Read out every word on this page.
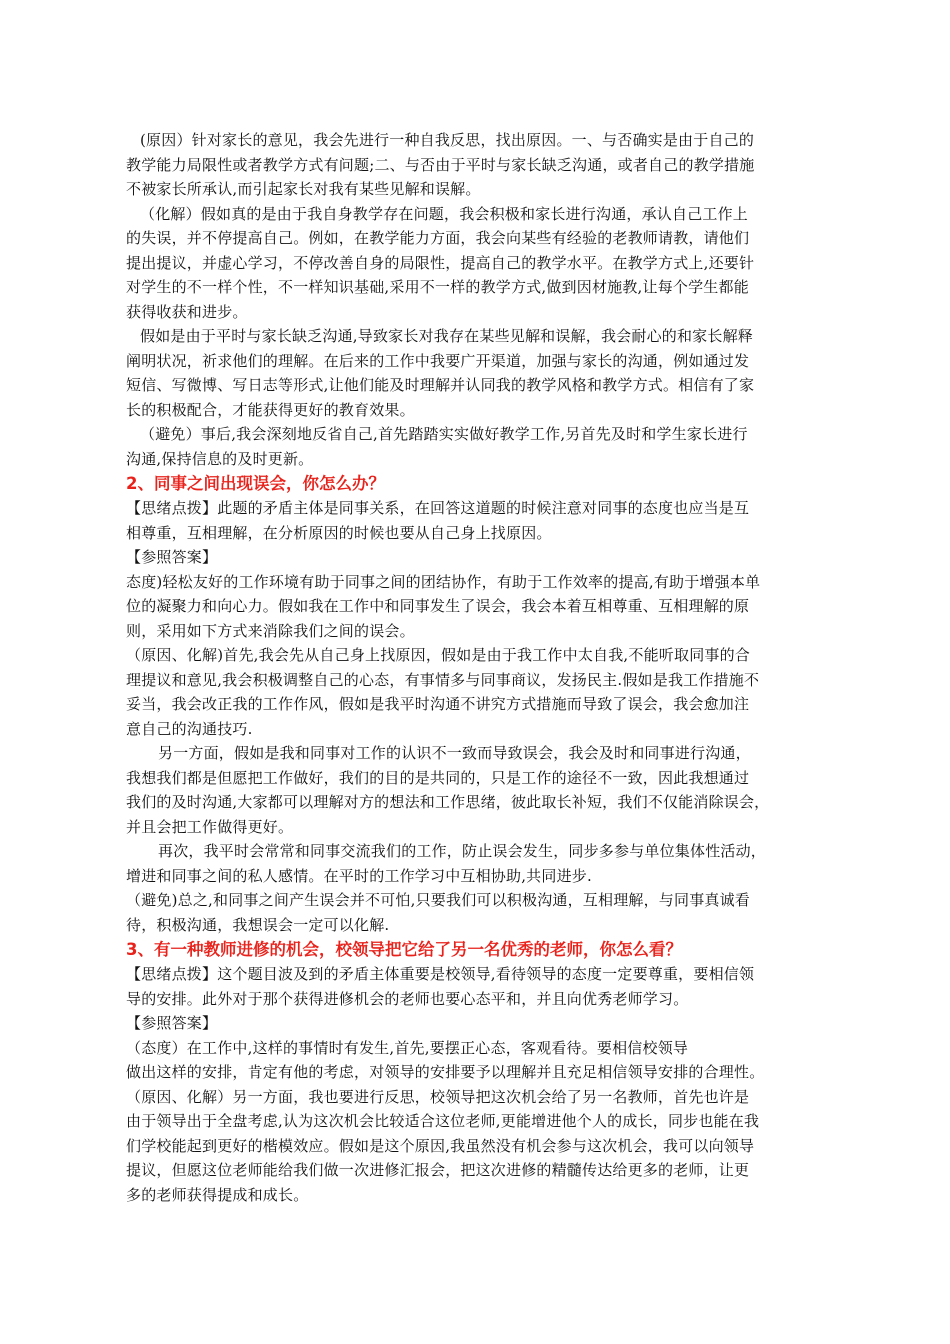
(原因）针对家长的意见，我会先进行一种自我反思，找出原因。一、与否确实是由于自己的
教学能力局限性或者教学方式有问题;二、与否由于平时与家长缺乏沟通，或者自己的教学措施
不被家长所承认,而引起家长对我有某些见解和误解。
（化解）假如真的是由于我自身教学存在问题，我会积极和家长进行沟通，承认自己工作上
的失误，并不停提高自己。例如，在教学能力方面，我会向某些有经验的老教师请教，请他们
提出提议，并虚心学习，不停改善自身的局限性，提高自己的教学水平。在教学方式上,还要针
对学生的不一样个性，不一样知识基础,采用不一样的教学方式,做到因材施教,让每个学生都能
获得收获和进步。
假如是由于平时与家长缺乏沟通,导致家长对我存在某些见解和误解，我会耐心的和家长解释
阐明状况，祈求他们的理解。在后来的工作中我要广开渠道，加强与家长的沟通，例如通过发
短信、写微博、写日志等形式,让他们能及时理解并认同我的教学风格和教学方式。相信有了家
长的积极配合，才能获得更好的教育效果。
（避免）事后,我会深刻地反省自己,首先踏踏实实做好教学工作,另首先及时和学生家长进行
沟通,保持信息的及时更新。
2、同事之间出现误会，你怎么办？
【思绪点拨】此题的矛盾主体是同事关系，在回答这道题的时候注意对同事的态度也应当是互
相尊重，互相理解，在分析原因的时候也要从自己身上找原因。
【参照答案】
态度)轻松友好的工作环境有助于同事之间的团结协作，有助于工作效率的提高,有助于增强本单
位的凝聚力和向心力。假如我在工作中和同事发生了误会，我会本着互相尊重、互相理解的原
则，采用如下方式来消除我们之间的误会。
（原因、化解)首先,我会先从自己身上找原因，假如是由于我工作中太自我,不能听取同事的合
理提议和意见,我会积极调整自己的心态，有事情多与同事商议，发扬民主.假如是我工作措施不
妥当，我会改正我的工作作风，假如是我平时沟通不讲究方式措施而导致了误会，我会愈加注
意自己的沟通技巧.
另一方面，假如是我和同事对工作的认识不一致而导致误会，我会及时和同事进行沟通，
我想我们都是但愿把工作做好，我们的目的是共同的，只是工作的途径不一致，因此我想通过
我们的及时沟通,大家都可以理解对方的想法和工作思绪，彼此取长补短，我们不仅能消除误会，
并且会把工作做得更好。
再次，我平时会常常和同事交流我们的工作，防止误会发生，同步多参与单位集体性活动，
增进和同事之间的私人感情。在平时的工作学习中互相协助,共同进步.
（避免)总之,和同事之间产生误会并不可怕,只要我们可以积极沟通，互相理解，与同事真诚看
待，积极沟通，我想误会一定可以化解.
3、有一种教师进修的机会，校领导把它给了另一名优秀的老师，你怎么看？
【思绪点拨】这个题目波及到的矛盾主体重要是校领导,看待领导的态度一定要尊重，要相信领
导的安排。此外对于那个获得进修机会的老师也要心态平和，并且向优秀老师学习。
【参照答案】
（态度）在工作中,这样的事情时有发生,首先,要摆正心态，客观看待。要相信校领导
做出这样的安排，肯定有他的考虑，对领导的安排要予以理解并且充足相信领导安排的合理性。
（原因、化解）另一方面，我也要进行反思，校领导把这次机会给了另一名教师，首先也许是
由于领导出于全盘考虑,认为这次机会比较适合这位老师,更能增进他个人的成长，同步也能在我
们学校能起到更好的楷模效应。假如是这个原因,我虽然没有机会参与这次机会，我可以向领导
提议，但愿这位老师能给我们做一次进修汇报会，把这次进修的精髓传达给更多的老师，让更
多的老师获得提成和成长。
